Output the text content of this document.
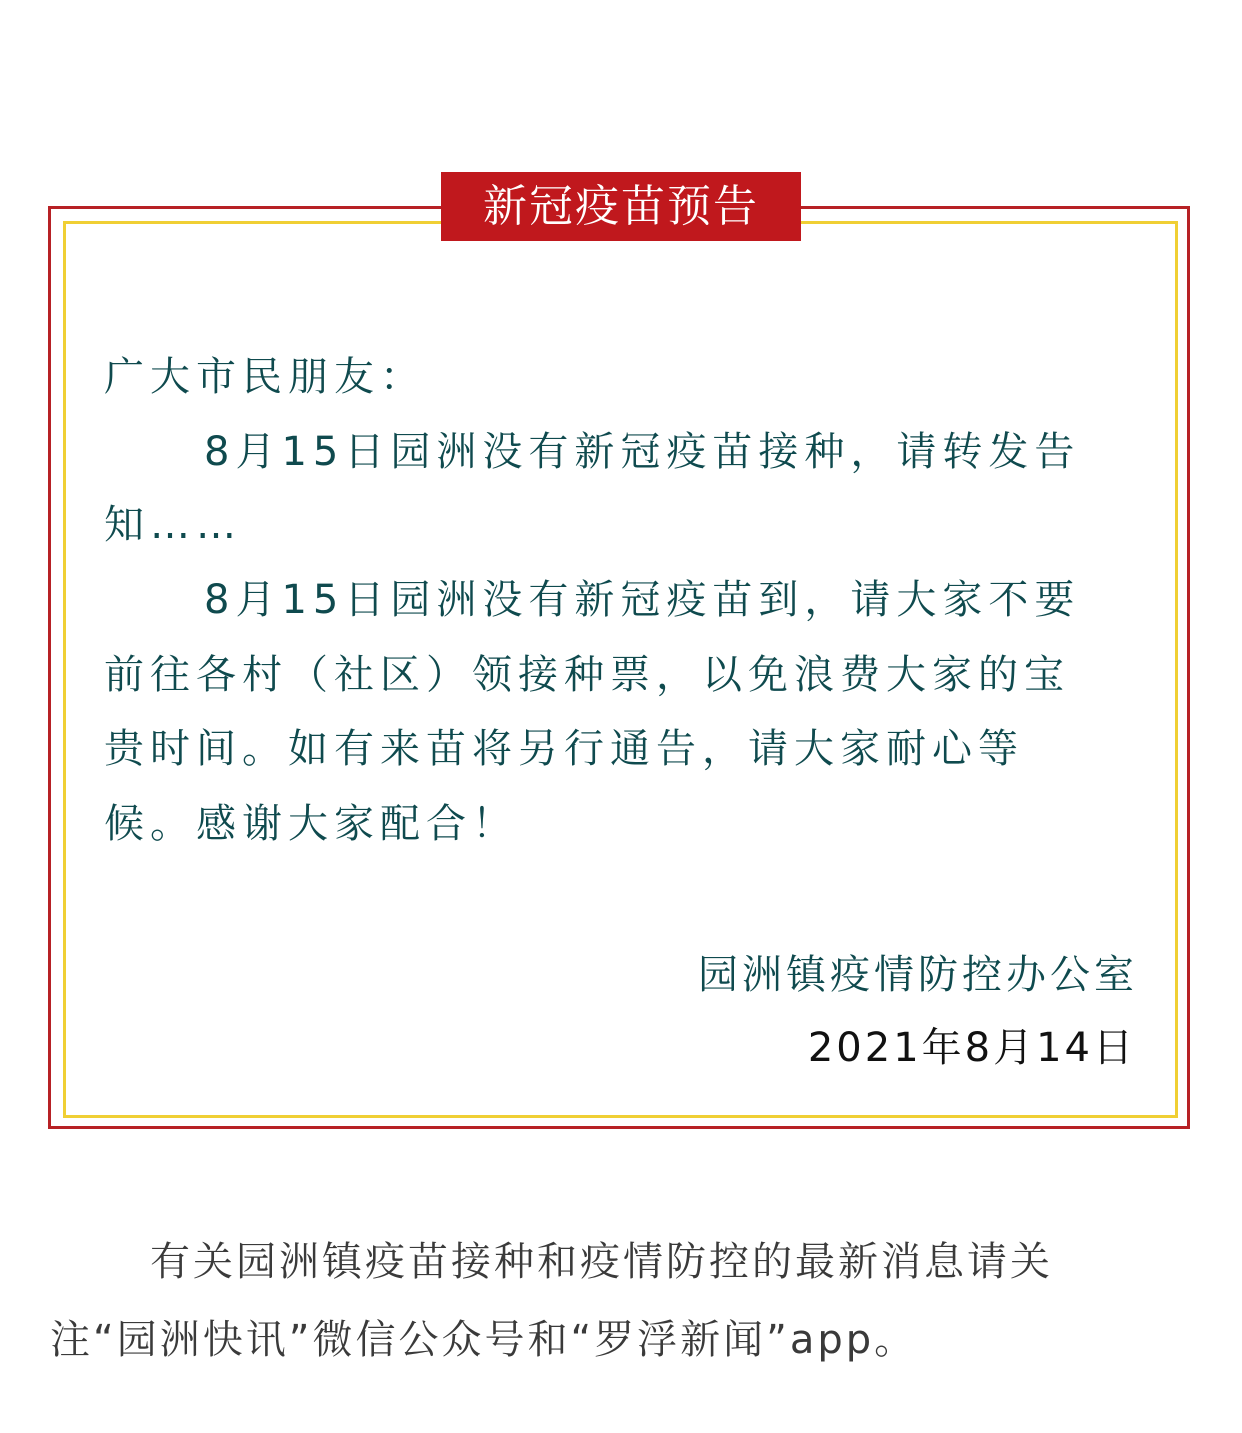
新冠疫苗预告

广大市民朋友：

8月15日园洲没有新冠疫苗接种，请转发告

知……

8月15日园洲没有新冠疫苗到，请大家不要

前往各村（社区）领接种票，以免浪费大家的宝

贵时间。如有来苗将另行通告，请大家耐心等

候。感谢大家配合！

园洲镇疫情防控办公室
2021年8月14日

有关园洲镇疫苗接种和疫情防控的最新消息请关

注“园洲快讯”微信公众号和“罗浮新闻”app。
